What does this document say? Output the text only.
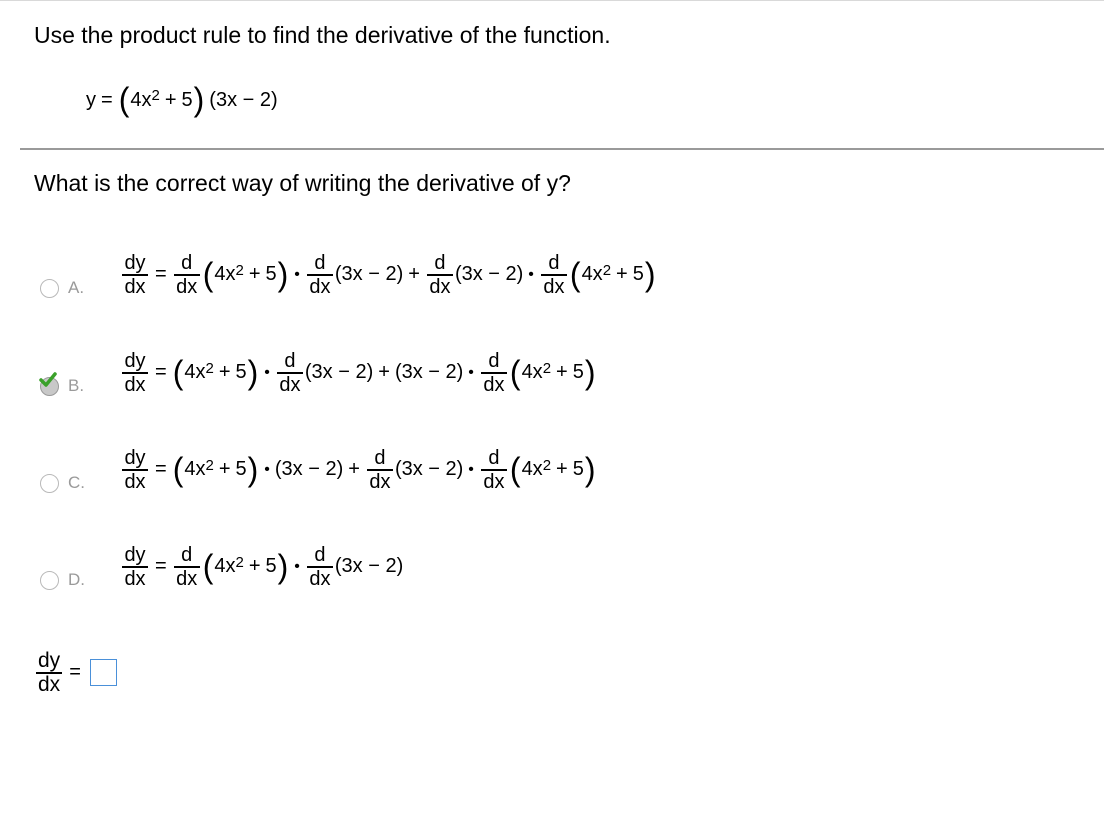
Use the product rule to find the derivative of the function.
y = ( $4x^2 + 5$ ) (3x − 2)
What is the correct way of writing the derivative of y?
A. $\frac{dy}{dx} = \frac{d}{dx}$ ( $4x^2 + 5$ ) • $\frac{d}{dx} (3x - 2) + \frac{d}{dx} (3x - 2)$ • $\frac{d}{dx}$ ( $4x^2 + 5$ )
B. $\frac{dy}{dx}$ = ( $4x^2 + 5$ ) • $\frac{d}{dx} (3x - 2) + (3x - 2)$ • $\frac{d}{dx}$ ( $4x^2 + 5$ )
C. $\frac{dy}{dx}$ = ( $4x^2 + 5$ ) • $(3x - 2) + \frac{d}{dx} (3x - 2)$ • $\frac{d}{dx}$ ( $4x^2 + 5$ )
D. $\frac{dy}{dx} = \frac{d}{dx}$ ( $4x^2 + 5$ ) • $\frac{d}{dx} (3x - 2)$
$\frac{dy}{dx}$ =
